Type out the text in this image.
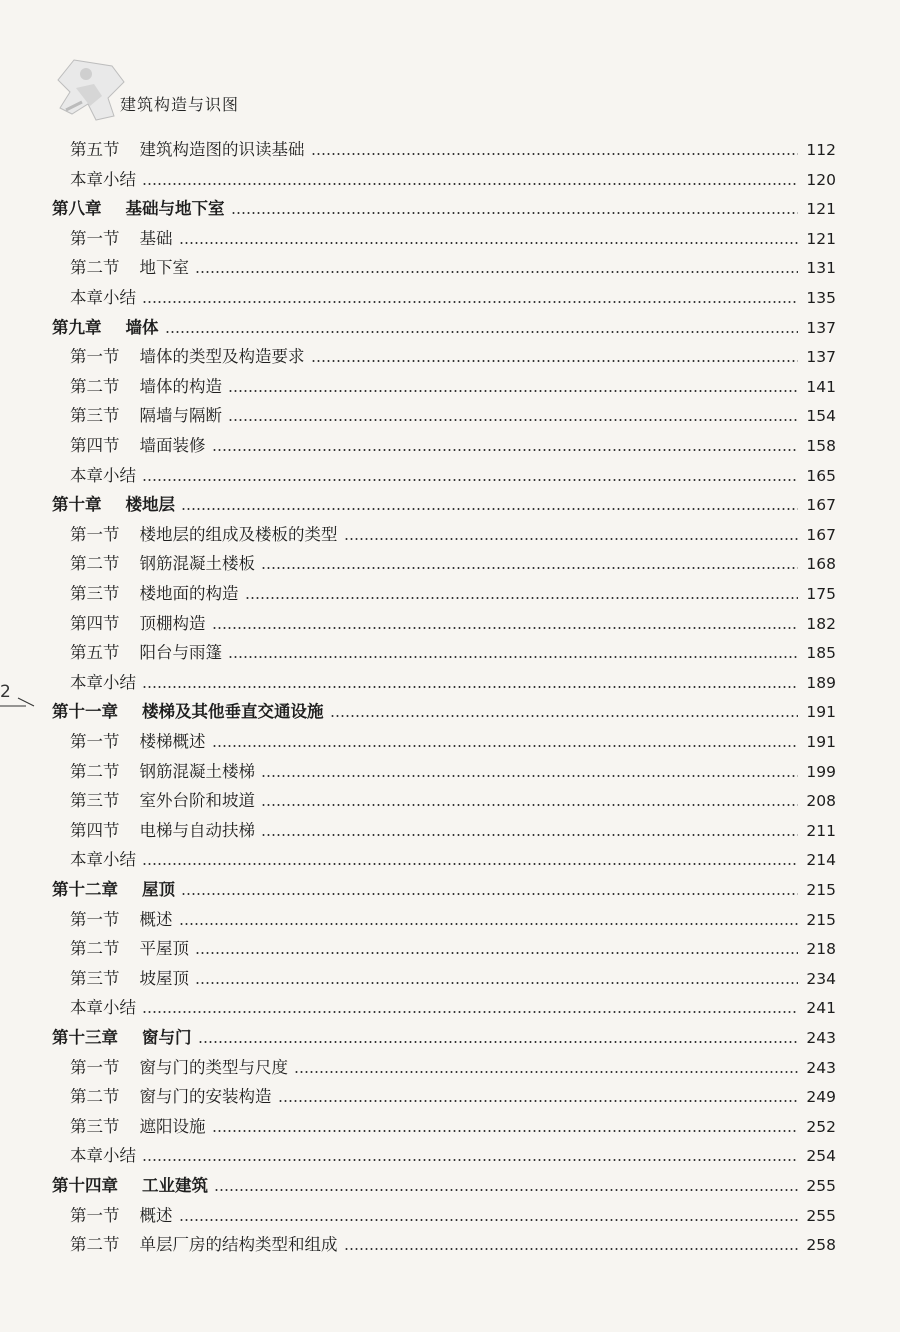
建筑构造与识图
2
第五节	建筑构造图的识读基础	112
本章小结	120
第八章	基础与地下室	121
第一节	基础	121
第二节	地下室	131
本章小结	135
第九章	墙体	137
第一节	墙体的类型及构造要求	137
第二节	墙体的构造	141
第三节	隔墙与隔断	154
第四节	墙面装修	158
本章小结	165
第十章	楼地层	167
第一节	楼地层的组成及楼板的类型	167
第二节	钢筋混凝土楼板	168
第三节	楼地面的构造	175
第四节	顶棚构造	182
第五节	阳台与雨篷	185
本章小结	189
第十一章	楼梯及其他垂直交通设施	191
第一节	楼梯概述	191
第二节	钢筋混凝土楼梯	199
第三节	室外台阶和坡道	208
第四节	电梯与自动扶梯	211
本章小结	214
第十二章	屋顶	215
第一节	概述	215
第二节	平屋顶	218
第三节	坡屋顶	234
本章小结	241
第十三章	窗与门	243
第一节	窗与门的类型与尺度	243
第二节	窗与门的安装构造	249
第三节	遮阳设施	252
本章小结	254
第十四章	工业建筑	255
第一节	概述	255
第二节	单层厂房的结构类型和组成	258
